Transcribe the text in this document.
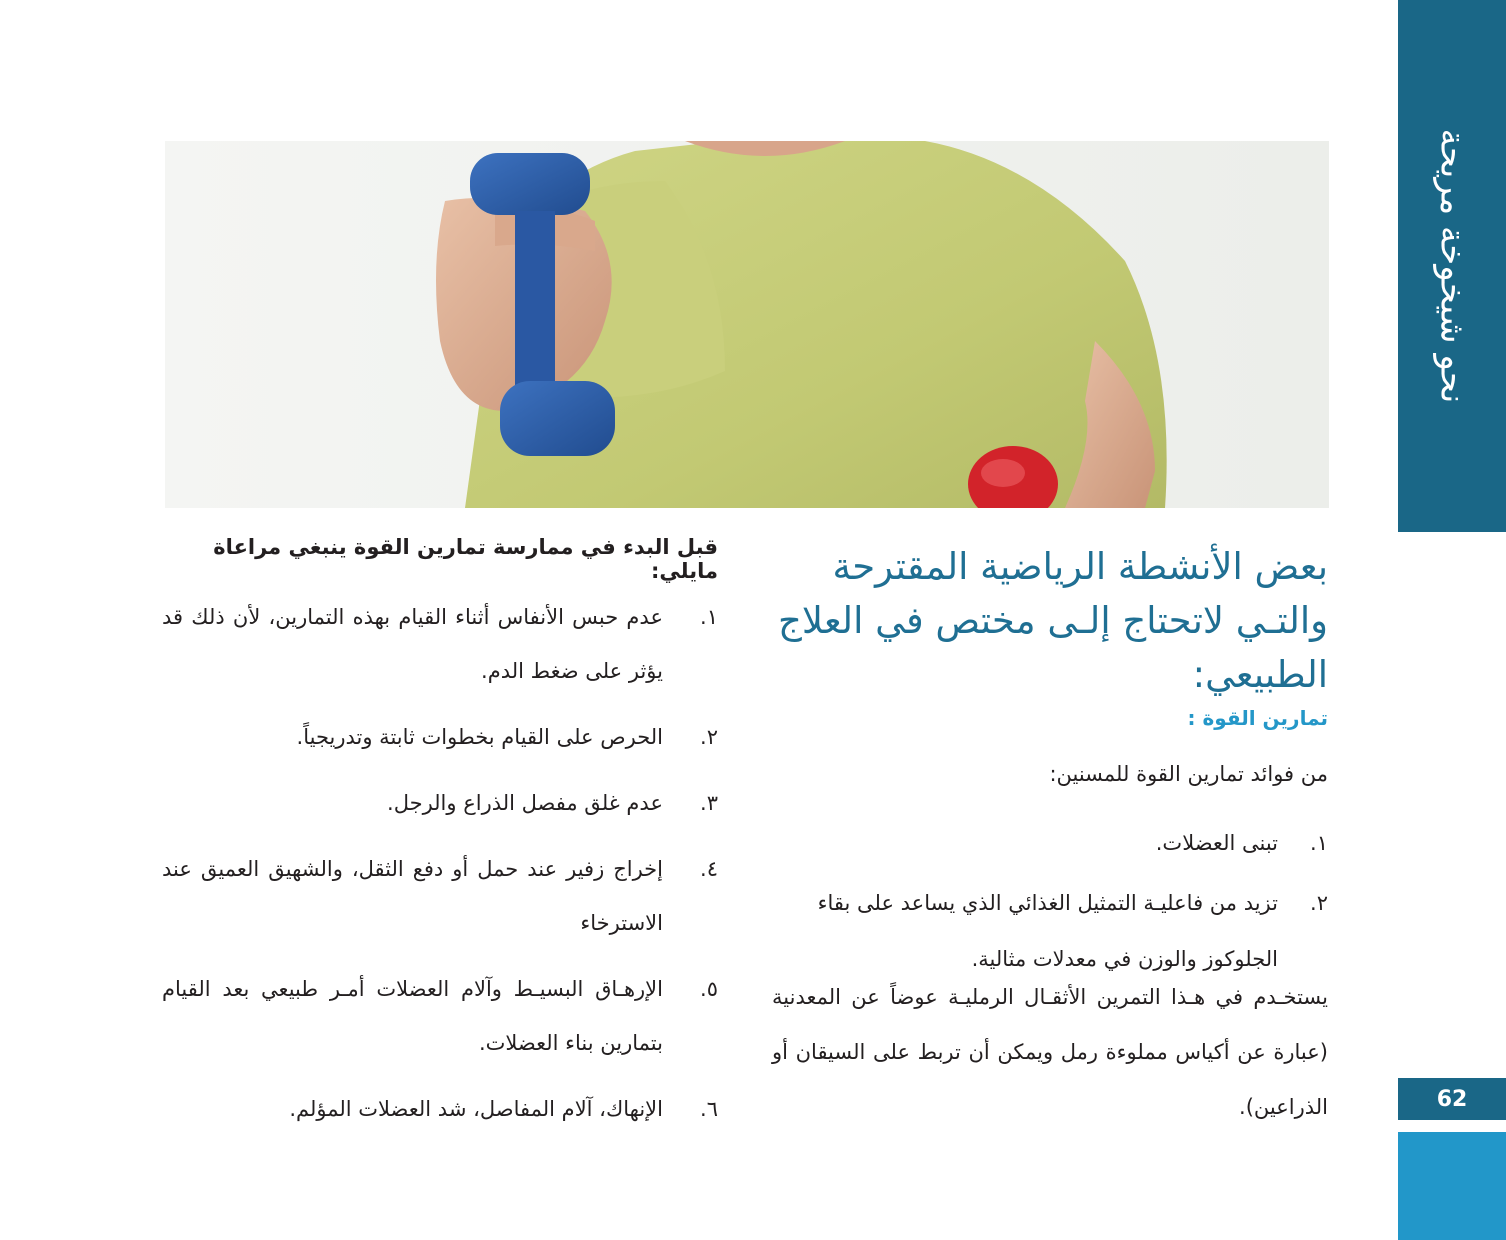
نحو شيخوخة مريحة
62
بعض الأنشطة الرياضية المقترحة والتـي لاتحتاج إلـى مختص في العلاج الطبيعي:
تمارين القوة :

من فوائد تمارين القوة للمسنين:

١.
تبنى العضلات.
٢.
تزيد من فاعليـة التمثيل الغذائي الذي يساعد على بقاء الجلوكوز والوزن في معدلات مثالية.

يستخـدم في هـذا التمرين الأثقـال الرمليـة عوضاً عن المعدنية (عبارة عن أكياس مملوءة رمل ويمكن أن تربط على السيقان أو الذراعين).

قبل البدء في ممارسة تمارين القوة ينبغي مراعاة مايلي:
١.
عدم حبس الأنفاس أثناء القيام بهذه التمارين، لأن ذلك قد يؤثر على ضغط الدم.
٢.
الحرص على القيام بخطوات ثابتة وتدريجياً.
٣.
عدم غلق مفصل الذراع والرجل.
٤.
إخراج زفير عند حمل أو دفع الثقل، والشهيق العميق عند الاسترخاء
٥.
الإرهـاق البسيـط وآلام العضلات أمـر طبيعي بعد القيام بتمارين بناء العضلات.
٦.
الإنهاك، آلام المفاصل، شد العضلات المؤلم.
